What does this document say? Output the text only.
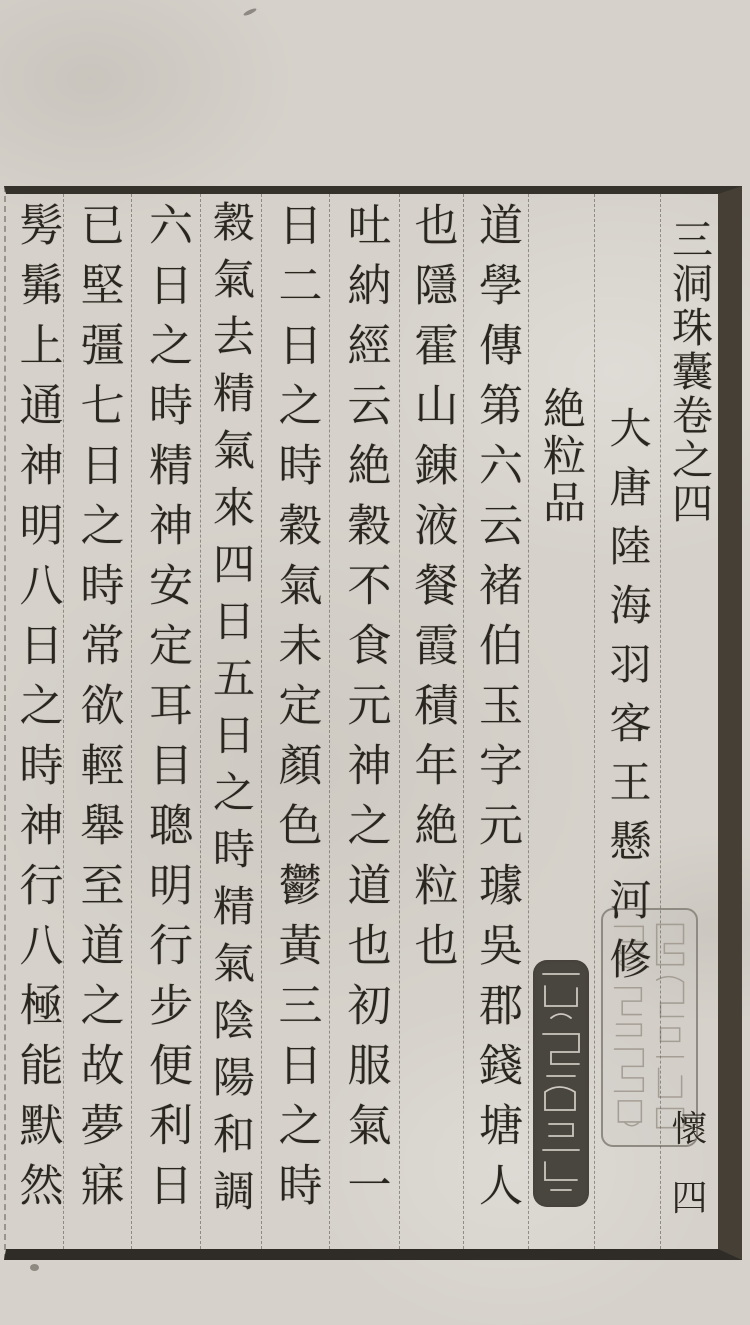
三洞珠囊卷之四
懷
四
大唐陸海羽客王懸河修
絶粒品
道學傳第六云褚伯玉字元璩吳郡錢塘人
也隱霍山錬液餐霞積年絶粒也
吐納經云絶穀不食元神之道也初服氣一
日二日之時穀氣未定顏色鬱黃三日之時
穀氣去精氣來四日五日之時精氣陰陽和調
六日之時精神安定耳目聰明行步便利日
已堅彊七日之時常欲輕舉至道之故夢寐
髣髴上通神明八日之時神行八極能默然
